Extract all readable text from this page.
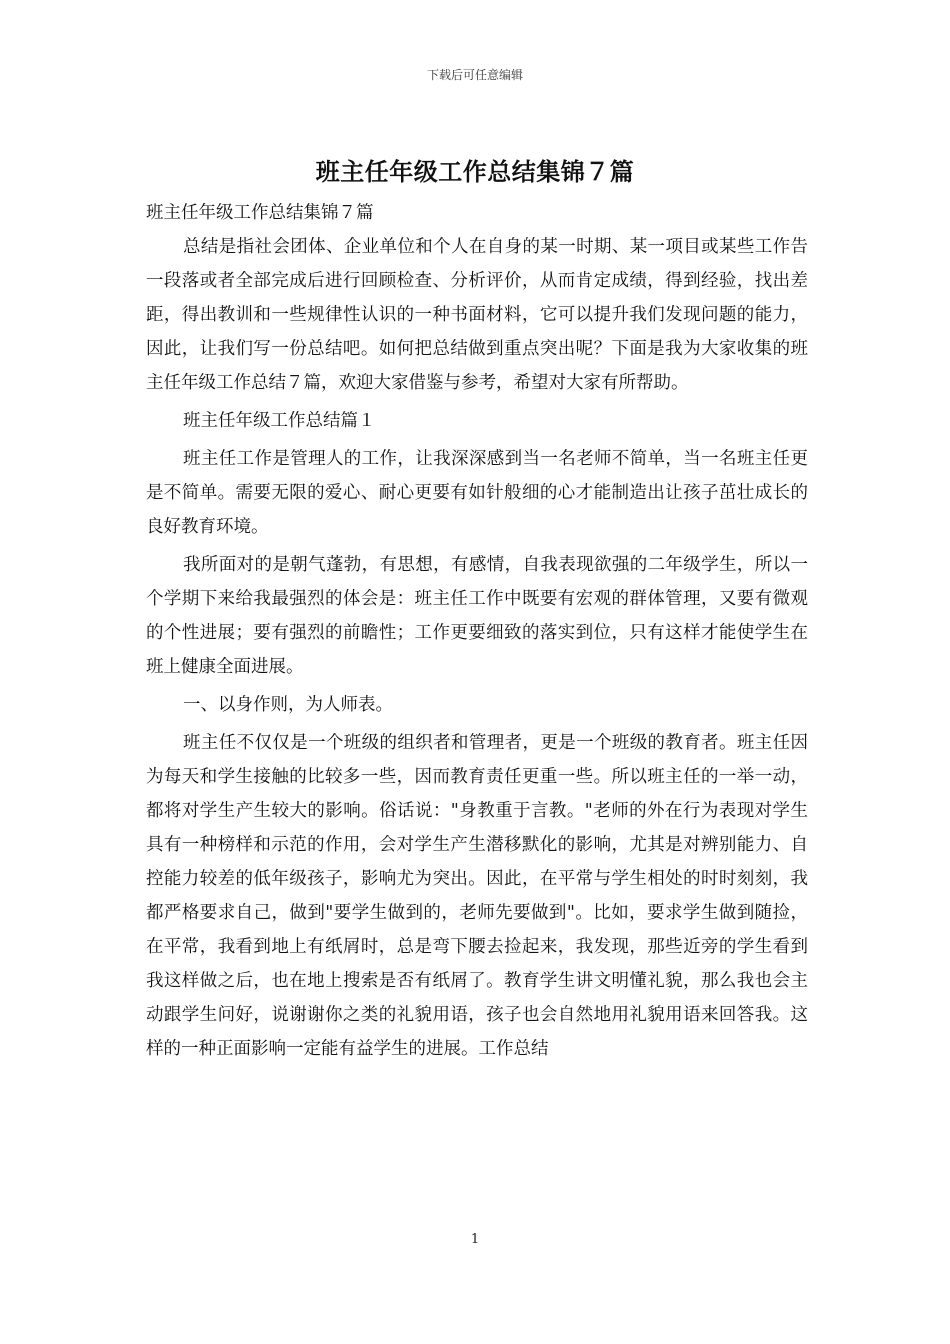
下载后可任意编辑
班主任年级工作总结集锦７篇

班主任年级工作总结集锦７篇

总结是指社会团体、企业单位和个人在自身的某一时期、某一项目或某些工作告一段落或者全部完成后进行回顾检查、分析评价，从而肯定成绩，得到经验，找出差距，得出教训和一些规律性认识的一种书面材料，它可以提升我们发现问题的能力，因此，让我们写一份总结吧。如何把总结做到重点突出呢？下面是我为大家收集的班主任年级工作总结７篇，欢迎大家借鉴与参考，希望对大家有所帮助。

班主任年级工作总结篇１

班主任工作是管理人的工作，让我深深感到当一名老师不简单，当一名班主任更是不简单。需要无限的爱心、耐心更要有如针般细的心才能制造出让孩子茁壮成长的良好教育环境。

我所面对的是朝气蓬勃，有思想，有感情，自我表现欲强的二年级学生，所以一个学期下来给我最强烈的体会是：班主任工作中既要有宏观的群体管理，又要有微观的个性进展；要有强烈的前瞻性；工作更要细致的落实到位，只有这样才能使学生在班上健康全面进展。

一、以身作则，为人师表。

班主任不仅仅是一个班级的组织者和管理者，更是一个班级的教育者。班主任因为每天和学生接触的比较多一些，因而教育责任更重一些。所以班主任的一举一动，都将对学生产生较大的影响。俗话说："身教重于言教。"老师的外在行为表现对学生具有一种榜样和示范的作用，会对学生产生潜移默化的影响，尤其是对辨别能力、自控能力较差的低年级孩子，影响尤为突出。因此，在平常与学生相处的时时刻刻，我都严格要求自己，做到"要学生做到的，老师先要做到"。比如，要求学生做到随捡，在平常，我看到地上有纸屑时，总是弯下腰去捡起来，我发现，那些近旁的学生看到我这样做之后，也在地上搜索是否有纸屑了。教育学生讲文明懂礼貌，那么我也会主动跟学生问好，说谢谢你之类的礼貌用语，孩子也会自然地用礼貌用语来回答我。这样的一种正面影响一定能有益学生的进展。工作总结

1
